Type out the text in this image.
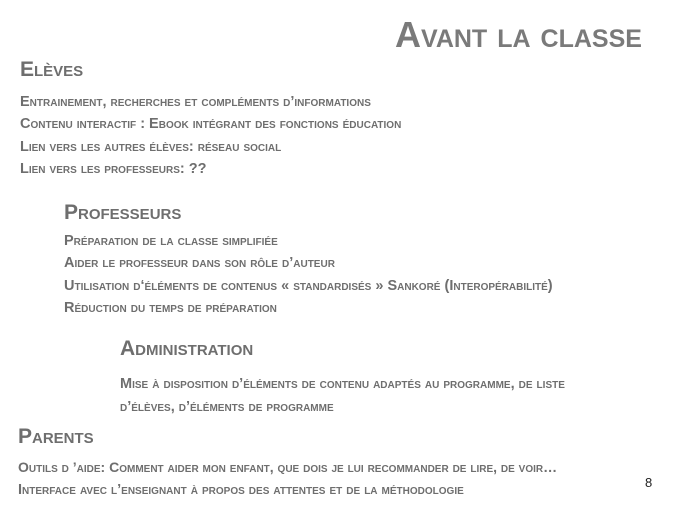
Avant la classe
Elèves
Entrainement, recherches et compléments d’informations
Contenu interactif : Ebook intégrant des fonctions éducation
Lien vers les autres élèves: réseau social
Lien vers les professeurs: ??
Professeurs
Préparation de la classe simplifiée
Aider le professeur dans son rôle d’auteur
Utilisation d‘éléments de contenus « standardisés » Sankoré (Interopérabilité)
Réduction du temps de préparation
Administration
Mise à disposition d’éléments de contenu adaptés au programme, de liste
d’élèves, d’éléments de programme
Parents
Outils d ’aide: Comment aider mon enfant, que dois je lui recommander de lire, de voir…
Interface avec l’enseignant à propos des attentes et de la méthodologie	8
